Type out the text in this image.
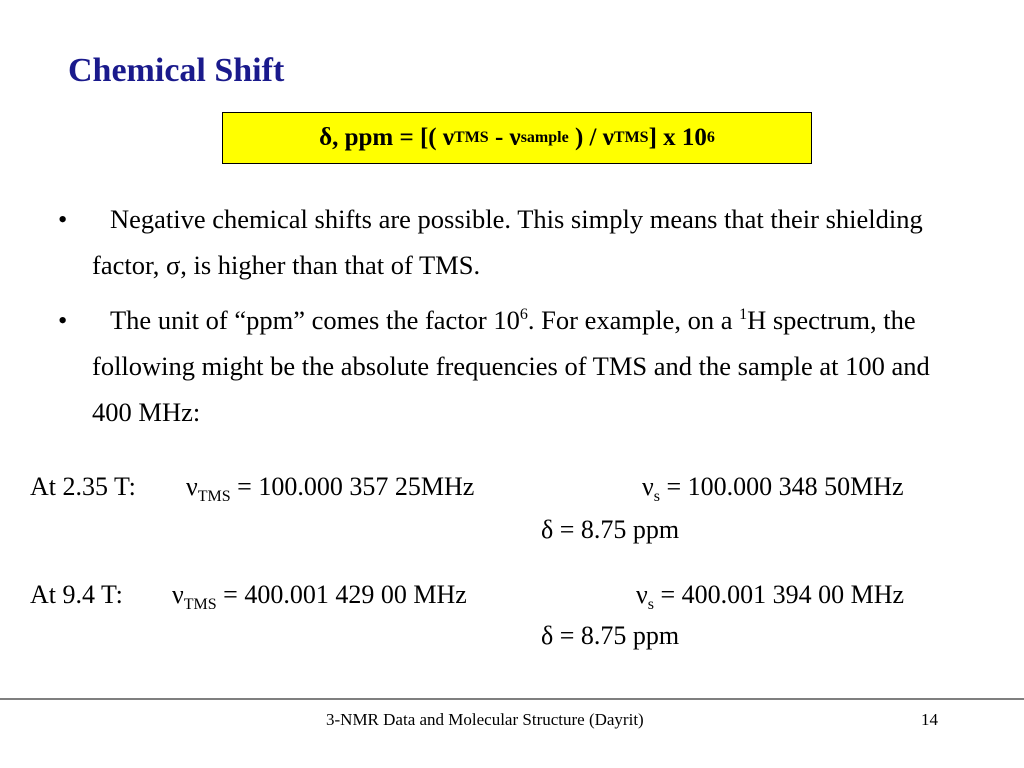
Chemical Shift
δ , ppm = [( ν TMS - ν sample ) / ν TMS ] x 10 6
• Negative chemical shifts are possible. This simply means that their shielding factor, σ, is higher than that of TMS.
• The unit of “ppm” comes the factor $10^6$. For example, on a $^1$H spectrum, the following might be the absolute frequencies of TMS and the sample at 100 and 400 MHz:
At 2.35 T: $\nu_{TMS} = 100.000$ 357 25MHz	$\nu_s = 100.000$ 348 50MHz
δ = 8.75 ppm
At 9.4 T: $\nu_{TMS} = 400.001$ 429 00 MHz	$\nu_s = 400.001$ 394 00 MHz
δ = 8.75 ppm
3-NMR Data and Molecular Structure (Dayrit)	14
